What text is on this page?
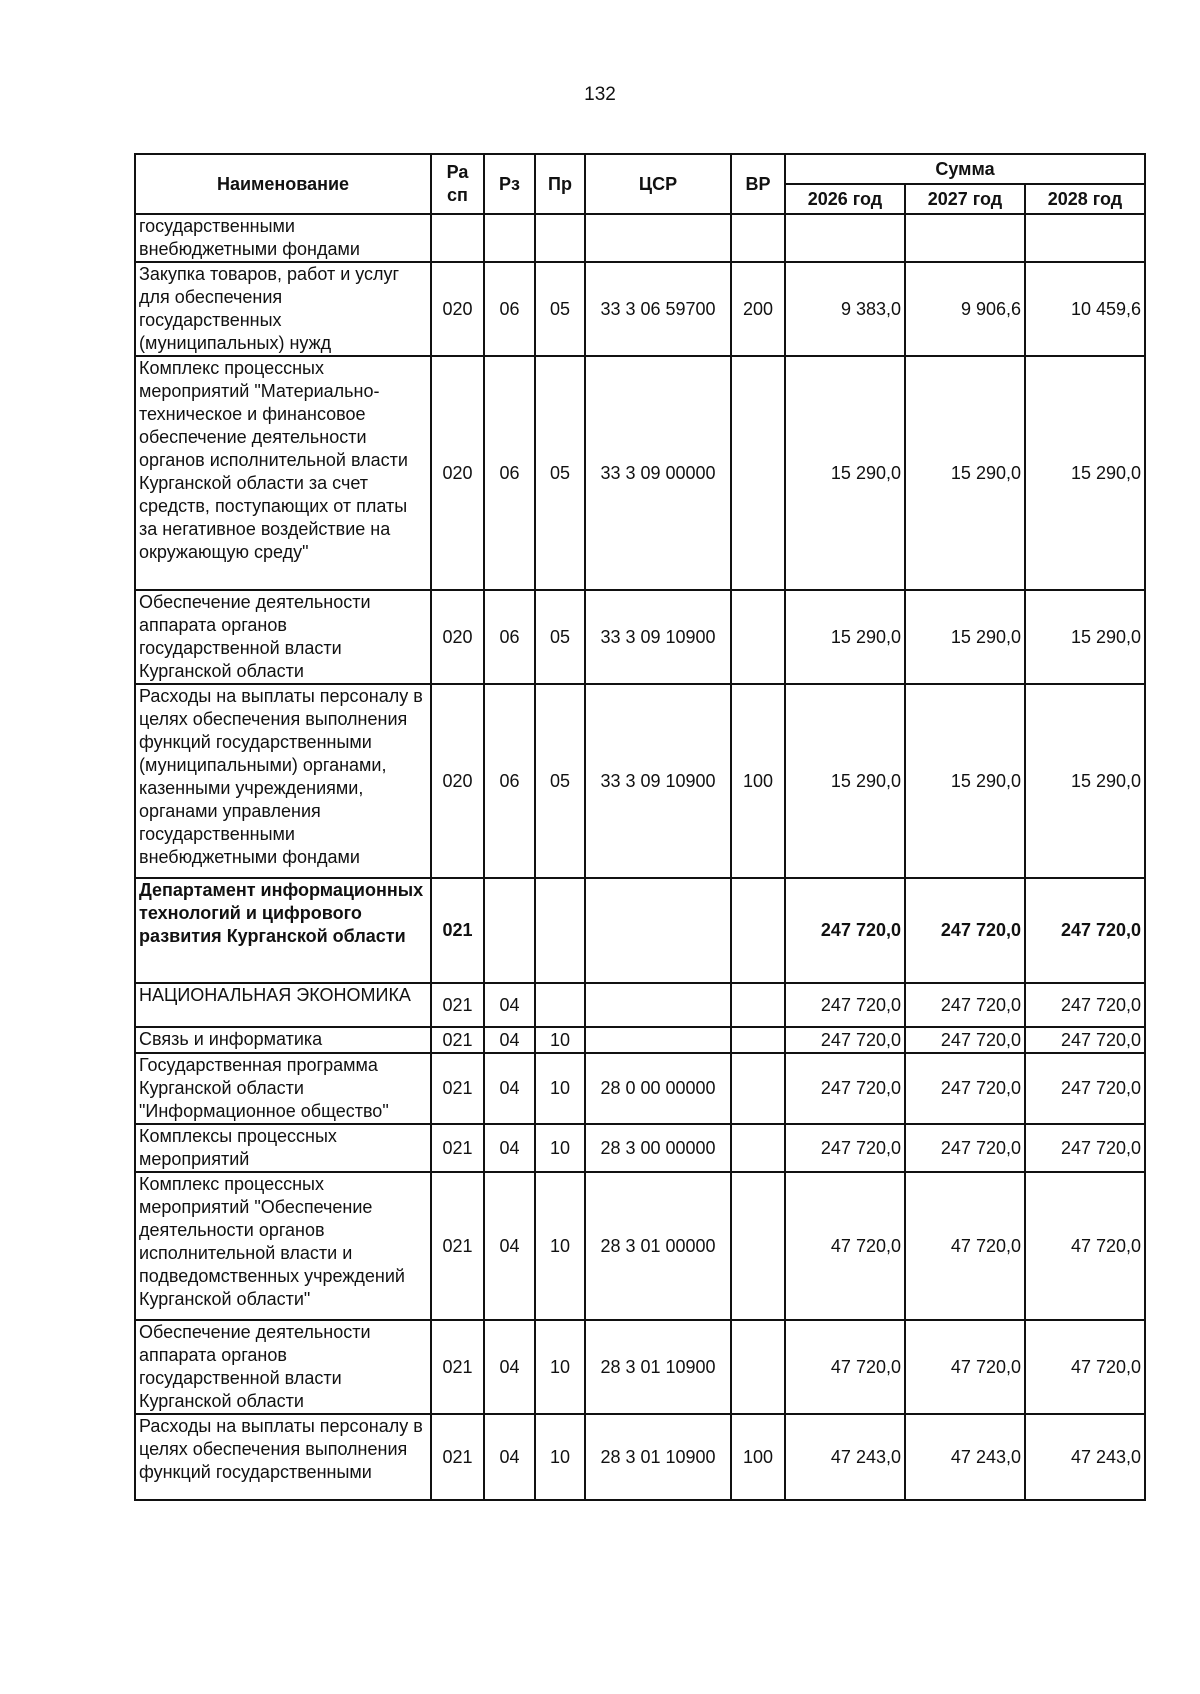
132
Наименование	Ра сп	Рз	Пр	ЦСР	ВР	Сумма		
						2026 год	2027 год	2028 год
государственными внебюджетными фондами								
Закупка товаров, работ и услуг для обеспечения государственных (муниципальных) нужд	020	06	05	33 3 06 59700	200	9 383,0	9 906,6	10 459,6
Комплекс процессных мероприятий "Материально-техническое и финансовое обеспечение деятельности органов исполнительной власти Курганской области за счет средств, поступающих от платы за негативное воздействие на окружающую среду"	020	06	05	33 3 09 00000		15 290,0	15 290,0	15 290,0
Обеспечение деятельности аппарата органов государственной власти Курганской области	020	06	05	33 3 09 10900		15 290,0	15 290,0	15 290,0
Расходы на выплаты персоналу в целях обеспечения выполнения функций государственными (муниципальными) органами, казенными учреждениями, органами управления государственными внебюджетными фондами	020	06	05	33 3 09 10900	100	15 290,0	15 290,0	15 290,0
Департамент информационных технологий и цифрового развития Курганской области	021					247 720,0	247 720,0	247 720,0
НАЦИОНАЛЬНАЯ ЭКОНОМИКА	021	04				247 720,0	247 720,0	247 720,0
Связь и информатика	021	04	10			247 720,0	247 720,0	247 720,0
Государственная программа Курганской области "Информационное общество"	021	04	10	28 0 00 00000		247 720,0	247 720,0	247 720,0
Комплексы процессных мероприятий	021	04	10	28 3 00 00000		247 720,0	247 720,0	247 720,0
Комплекс процессных мероприятий "Обеспечение деятельности органов исполнительной власти и подведомственных учреждений Курганской области"	021	04	10	28 3 01 00000		47 720,0	47 720,0	47 720,0
Обеспечение деятельности аппарата органов государственной власти Курганской области	021	04	10	28 3 01 10900		47 720,0	47 720,0	47 720,0
Расходы на выплаты персоналу в целях обеспечения выполнения функций государственными	021	04	10	28 3 01 10900	100	47 243,0	47 243,0	47 243,0
